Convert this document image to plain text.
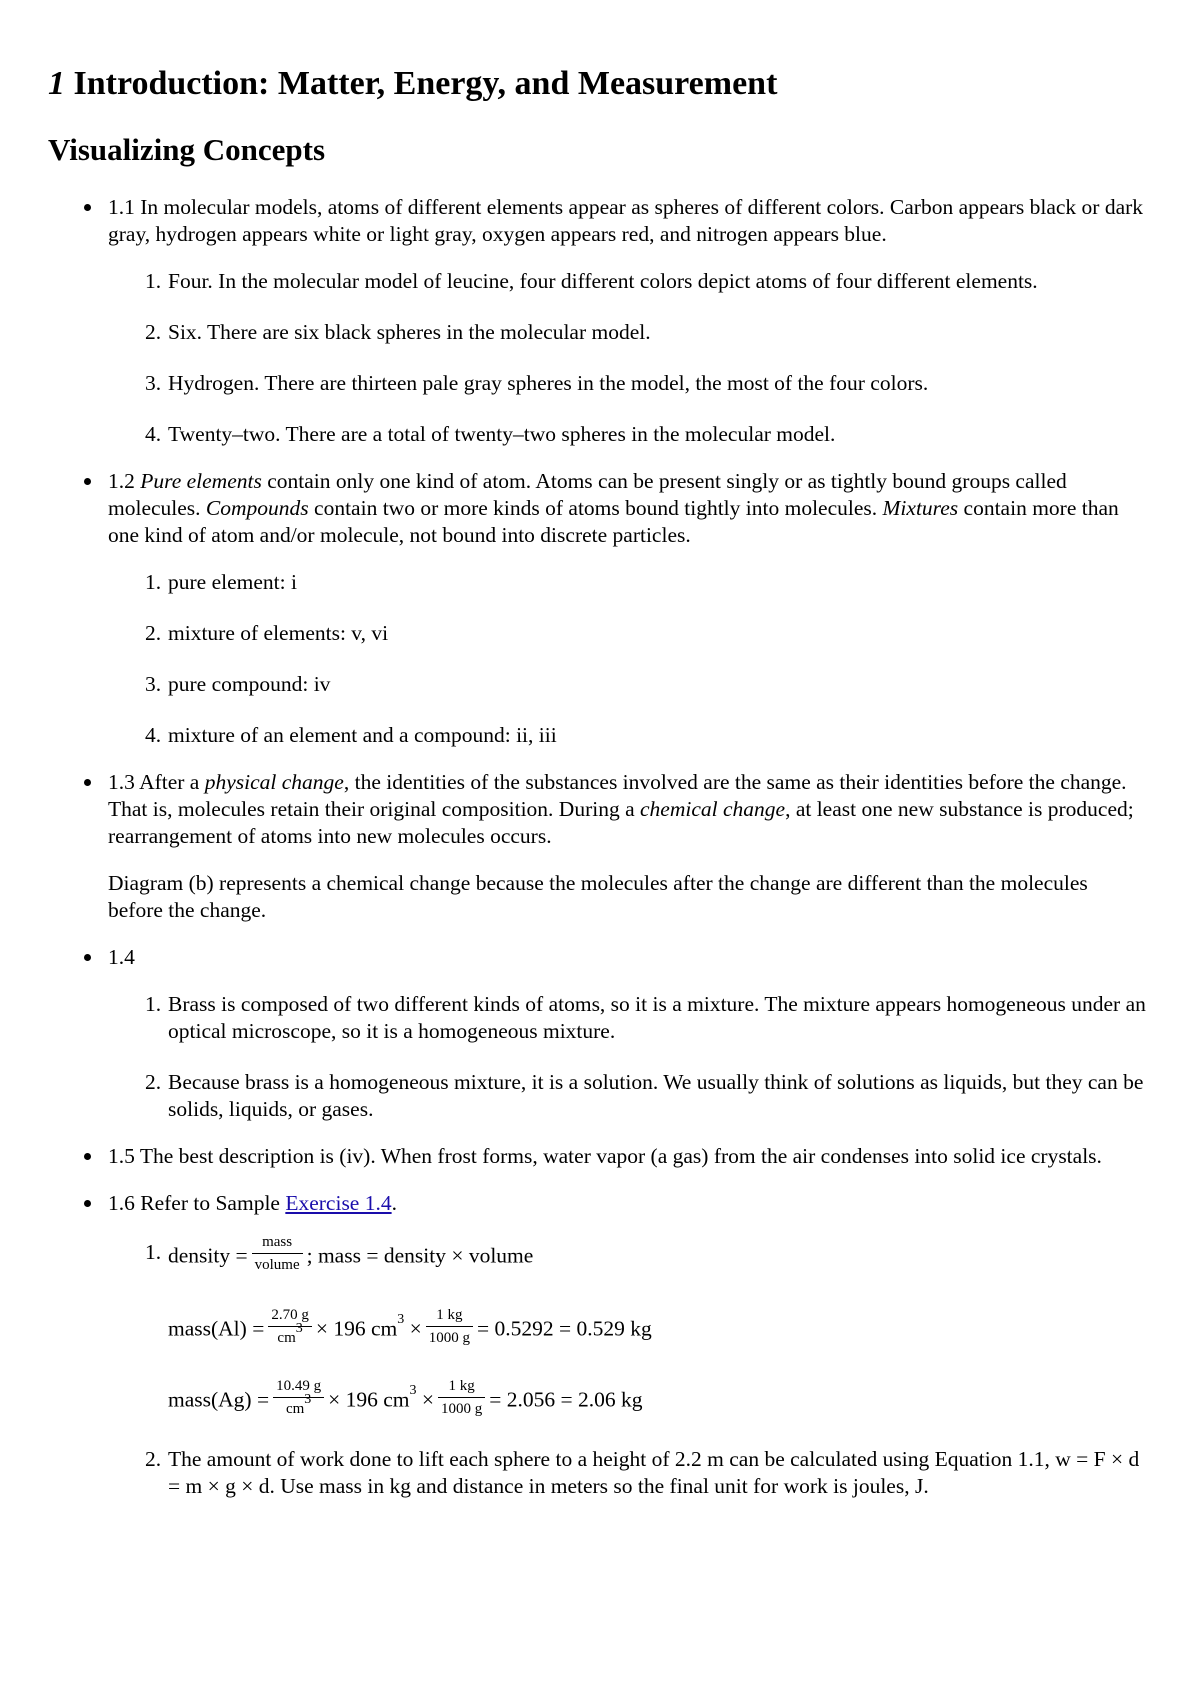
1 Introduction: Matter, Energy, and Measurement
Visualizing Concepts
1.1 In molecular models, atoms of different elements appear as spheres of different colors. Carbon appears black or dark gray, hydrogen appears white or light gray, oxygen appears red, and nitrogen appears blue.
1. Four. In the molecular model of leucine, four different colors depict atoms of four different elements.
2. Six. There are six black spheres in the molecular model.
3. Hydrogen. There are thirteen pale gray spheres in the model, the most of the four colors.
4. Twenty–two. There are a total of twenty–two spheres in the molecular model.
1.2 Pure elements contain only one kind of atom. Atoms can be present singly or as tightly bound groups called molecules. Compounds contain two or more kinds of atoms bound tightly into molecules. Mixtures contain more than one kind of atom and/or molecule, not bound into discrete particles.
1. pure element: i
2. mixture of elements: v, vi
3. pure compound: iv
4. mixture of an element and a compound: ii, iii
1.3 After a physical change, the identities of the substances involved are the same as their identities before the change. That is, molecules retain their original composition. During a chemical change, at least one new substance is produced; rearrangement of atoms into new molecules occurs.

Diagram (b) represents a chemical change because the molecules after the change are different than the molecules before the change.

1.4
1. Brass is composed of two different kinds of atoms, so it is a mixture. The mixture appears homogeneous under an optical microscope, so it is a homogeneous mixture.
2. Because brass is a homogeneous mixture, it is a solution. We usually think of solutions as liquids, but they can be solids, liquids, or gases.
1.5 The best description is (iv). When frost forms, water vapor (a gas) from the air condenses into solid ice crystals.
1.6 Refer to Sample Exercise 1.4.
1. density = $\frac{\text{mass}}{\text{volume}}$ ; mass = density × volume
mass(Al) = $\frac{2.70 g}{cm^3} \times 196$ $cm^3 \times \frac{1 kg}{1000 g} = 0.5292 = 0.529$ kg
mass(Ag) = $\frac{10.49 g}{cm^3} \times 196$ $cm^3 \times \frac{1 kg}{1000 g} = 2.056 = 2.06$ kg
2. The amount of work done to lift each sphere to a height of 2.2 m can be calculated using Equation 1.1, w = F × d = m × g × d. Use mass in kg and distance in meters so the final unit for work is joules, J.
